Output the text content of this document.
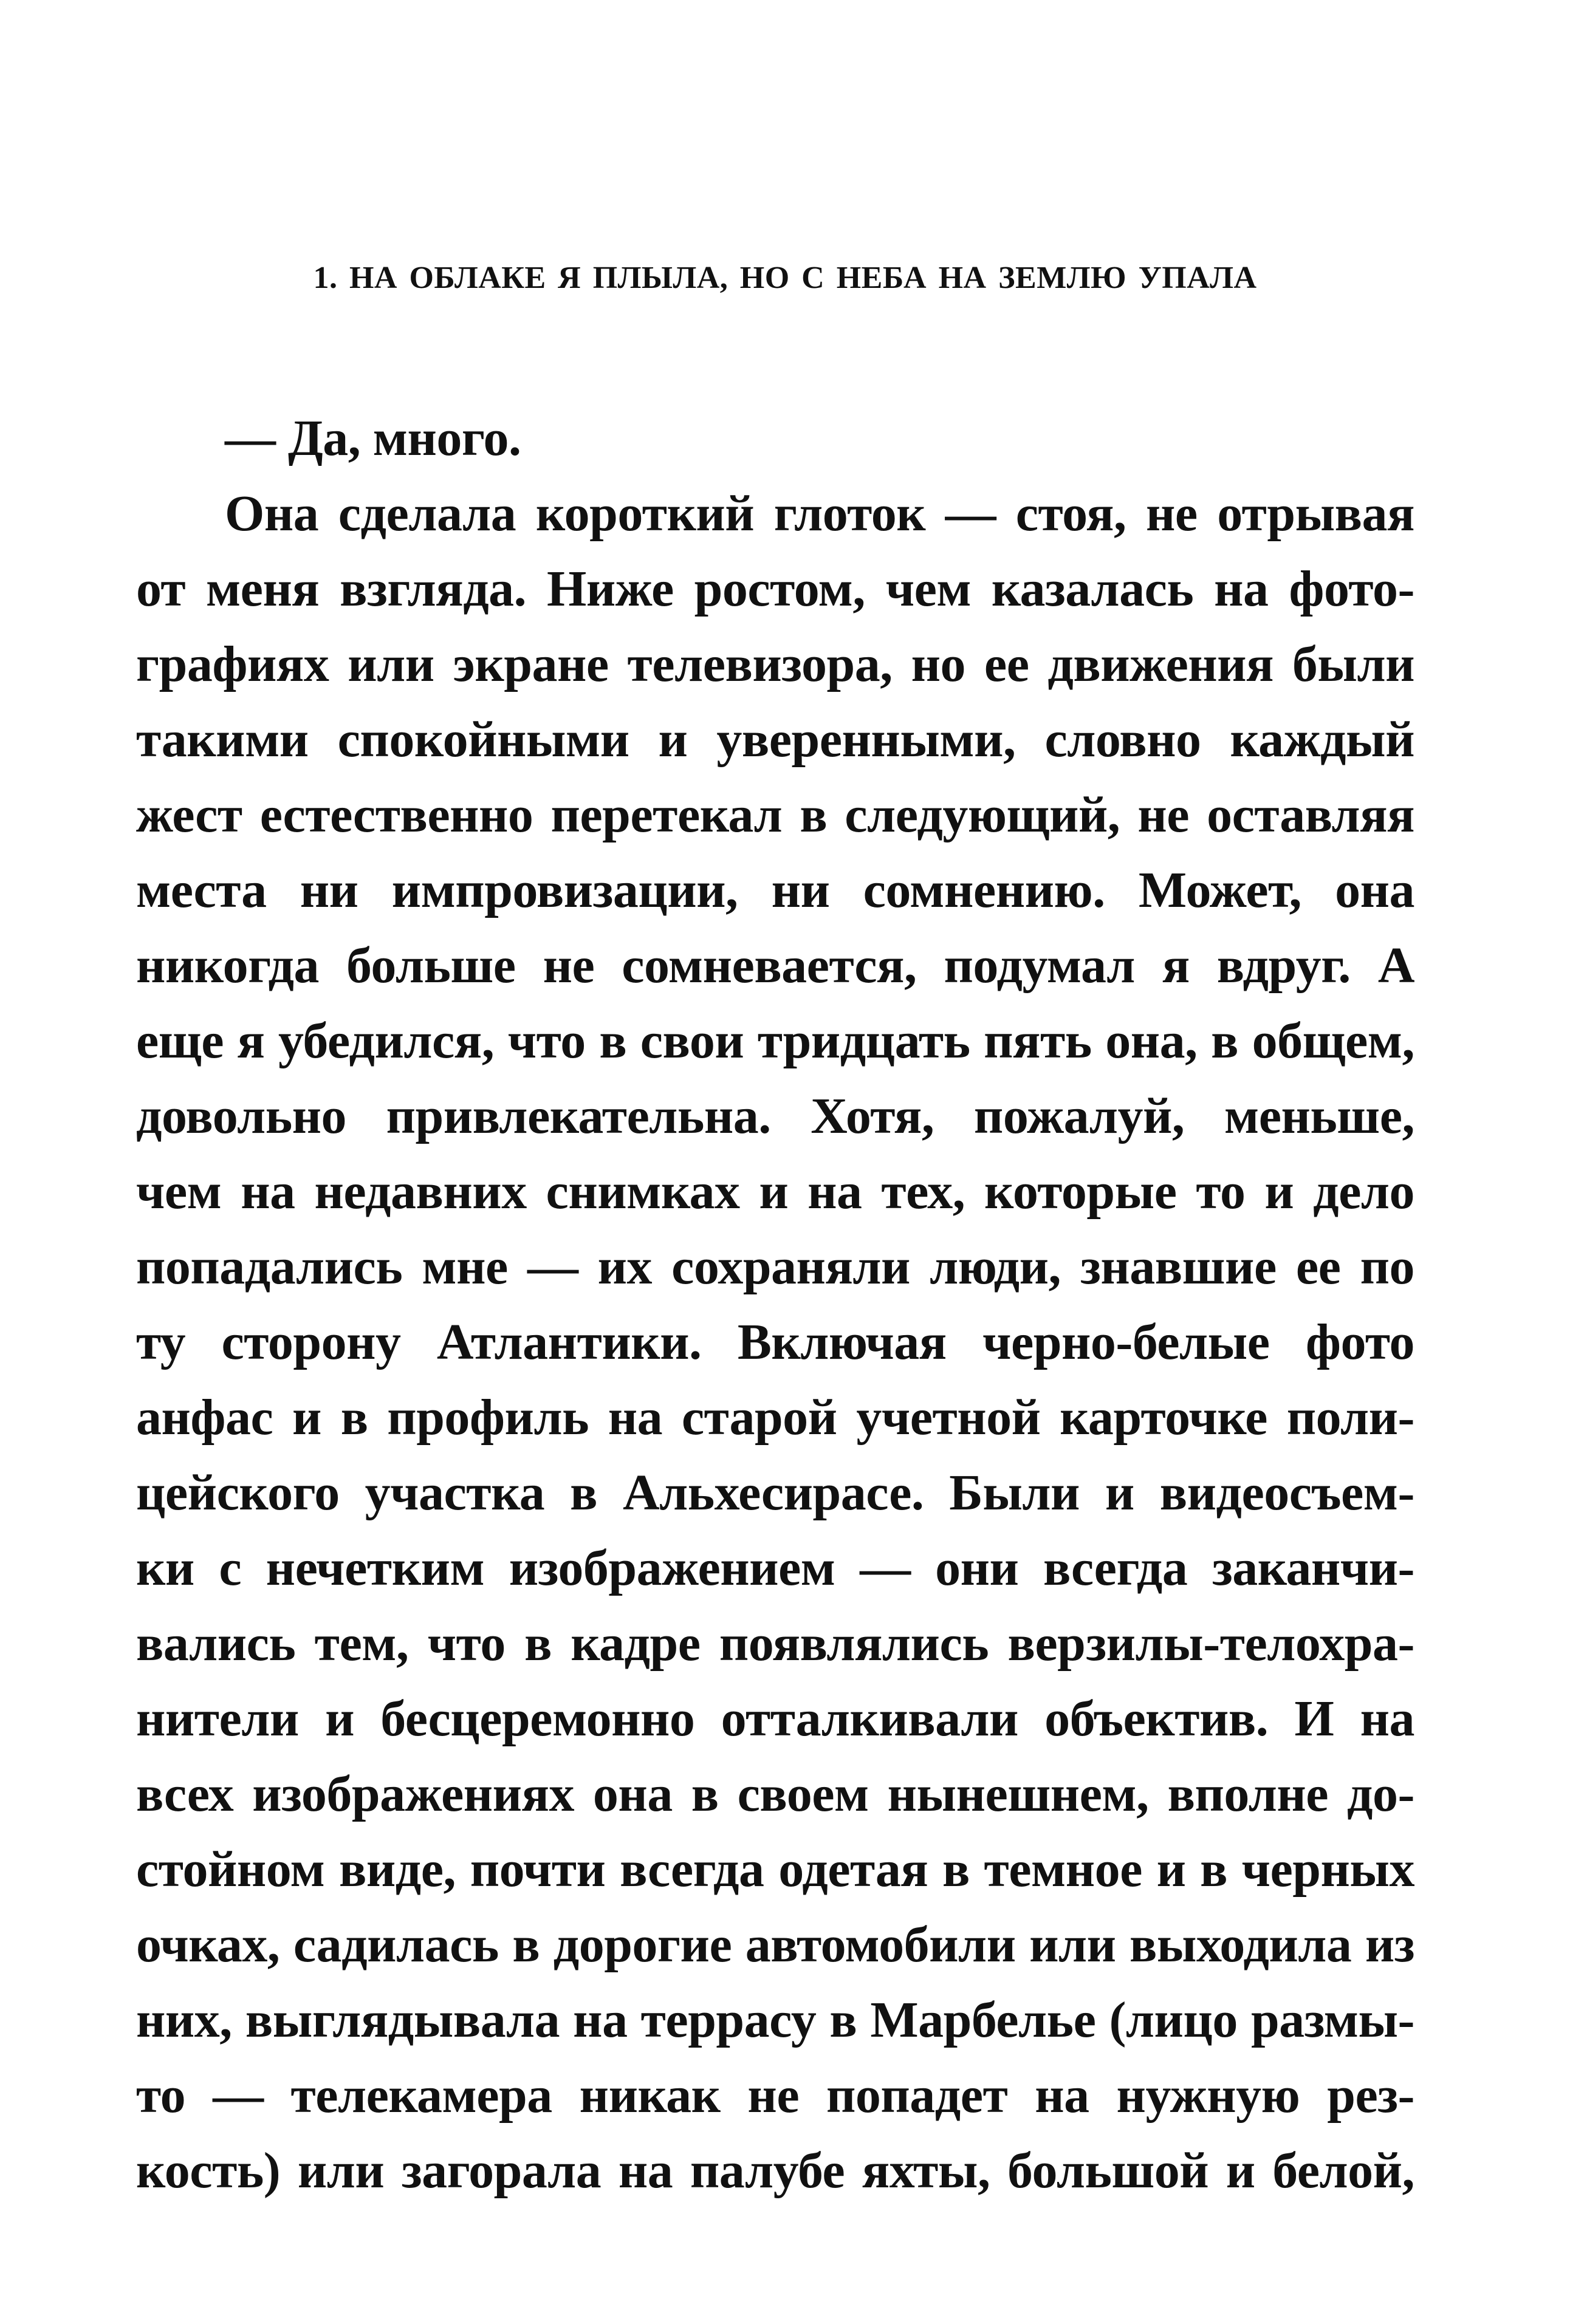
1. НА ОБЛАКЕ Я ПЛЫЛА, НО С НЕБА НА ЗЕМЛЮ УПАЛА
— Да, много.
Она сделала короткий глоток — стоя, не отрывая
от меня взгляда. Ниже ростом, чем казалась на фото-
графиях или экране телевизора, но ее движения были
такими спокойными и уверенными, словно каждый
жест естественно перетекал в следующий, не оставляя
места ни импровизации, ни сомнению. Может, она
никогда больше не сомневается, подумал я вдруг. А
еще я убедился, что в свои тридцать пять она, в общем,
довольно привлекательна. Хотя, пожалуй, меньше,
чем на недавних снимках и на тех, которые то и дело
попадались мне — их сохраняли люди, знавшие ее по
ту сторону Атлантики. Включая черно-белые фото
анфас и в профиль на старой учетной карточке поли-
цейского участка в Альхесирасе. Были и видеосъем-
ки с нечетким изображением — они всегда заканчи-
вались тем, что в кадре появлялись верзилы-телохра-
нители и бесцеремонно отталкивали объектив. И на
всех изображениях она в своем нынешнем, вполне до-
стойном виде, почти всегда одетая в темное и в черных
очках, садилась в дорогие автомобили или выходила из
них, выглядывала на террасу в Марбелье (лицо размы-
то — телекамера никак не попадет на нужную рез-
кость) или загорала на палубе яхты, большой и белой,
